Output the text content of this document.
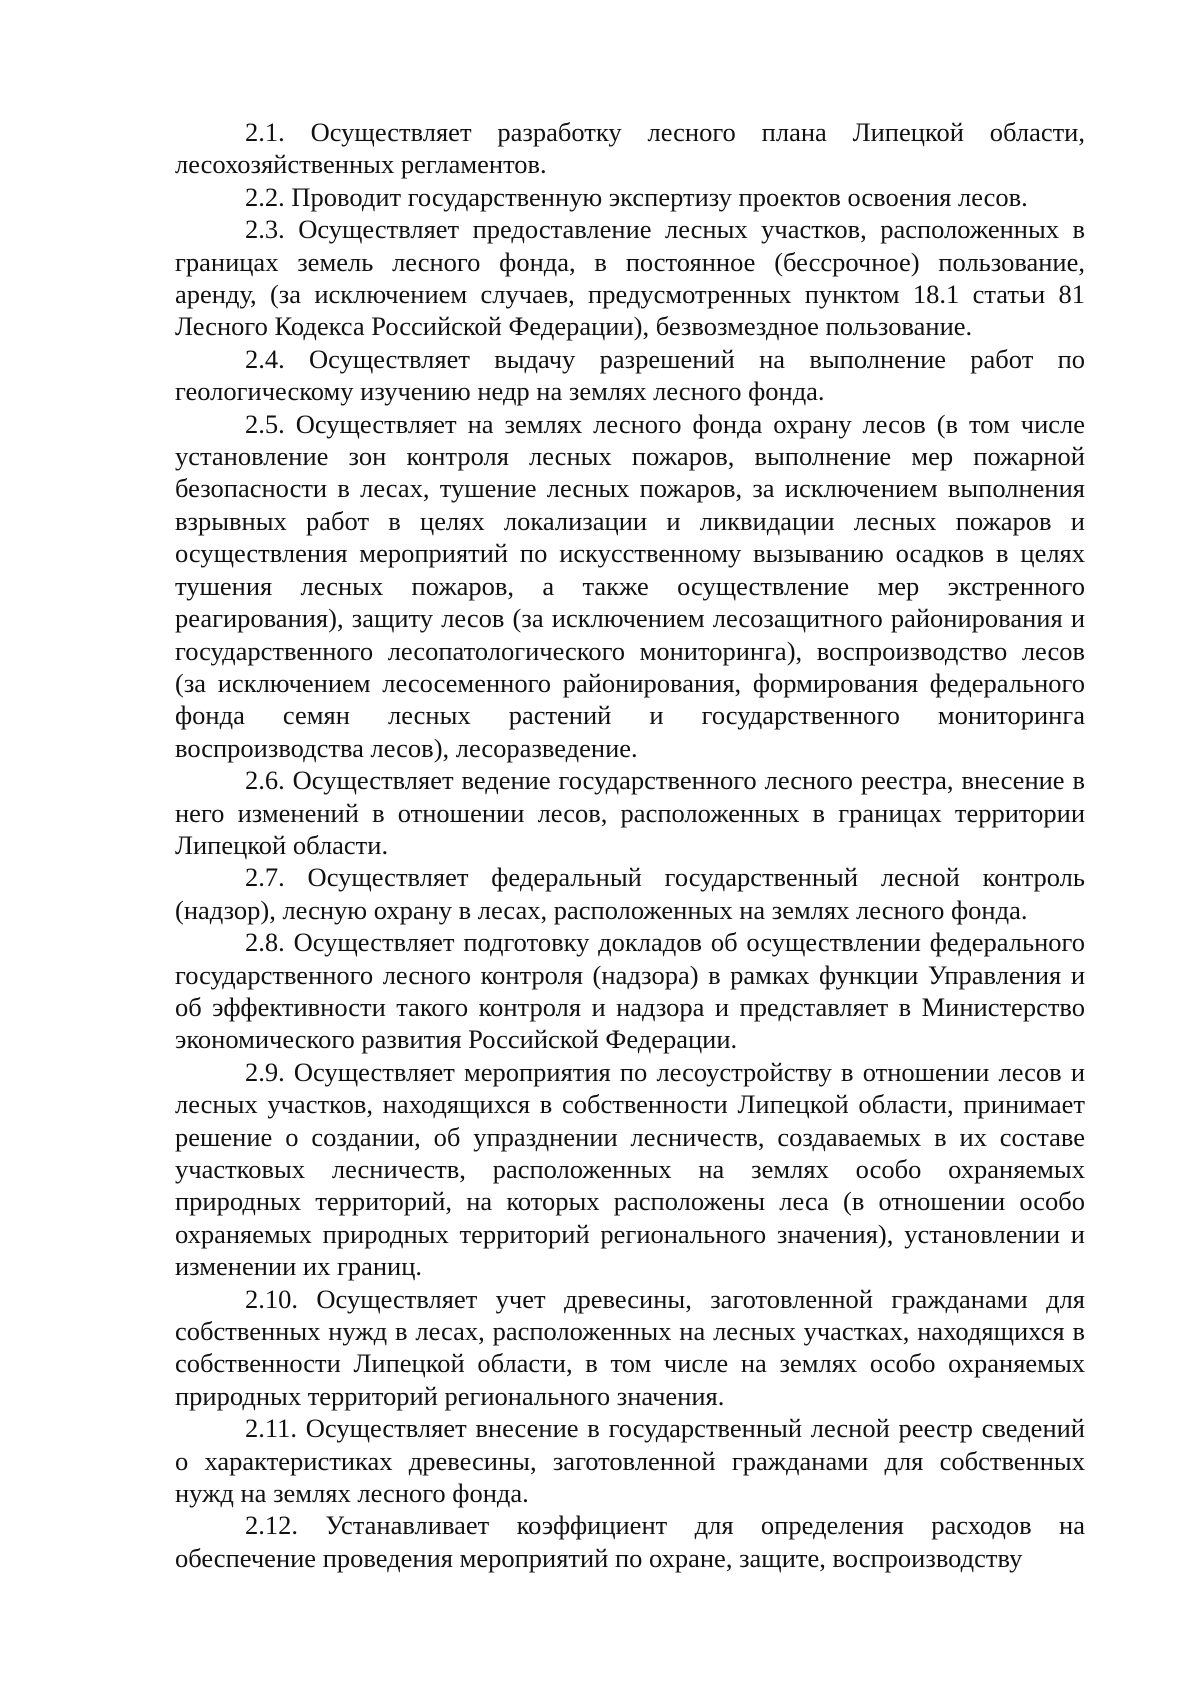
2.1. Осуществляет разработку лесного плана Липецкой области, лесохозяйственных регламентов.

2.2. Проводит государственную экспертизу проектов освоения лесов.

2.3. Осуществляет предоставление лесных участков, расположенных в границах земель лесного фонда, в постоянное (бессрочное) пользование, аренду, (за исключением случаев, предусмотренных пунктом 18.1 статьи 81 Лесного Кодекса Российской Федерации), безвозмездное пользование.

2.4. Осуществляет выдачу разрешений на выполнение работ по геологическому изучению недр на землях лесного фонда.

2.5. Осуществляет на землях лесного фонда охрану лесов (в том числе установление зон контроля лесных пожаров, выполнение мер пожарной безопасности в лесах, тушение лесных пожаров, за исключением выполнения взрывных работ в целях локализации и ликвидации лесных пожаров и осуществления мероприятий по искусственному вызыванию осадков в целях тушения лесных пожаров, а также осуществление мер экстренного реагирования), защиту лесов (за исключением лесозащитного районирования и государственного лесопатологического мониторинга), воспроизводство лесов (за исключением лесосеменного районирования, формирования федерального фонда семян лесных растений и государственного мониторинга воспроизводства лесов), лесоразведение.

2.6. Осуществляет ведение государственного лесного реестра, внесение в него изменений в отношении лесов, расположенных в границах территории Липецкой области.

2.7. Осуществляет федеральный государственный лесной контроль (надзор), лесную охрану в лесах, расположенных на землях лесного фонда.

2.8. Осуществляет подготовку докладов об осуществлении федерального государственного лесного контроля (надзора) в рамках функции Управления и об эффективности такого контроля и надзора и представляет в Министерство экономического развития Российской Федерации.

2.9. Осуществляет мероприятия по лесоустройству в отношении лесов и лесных участков, находящихся в собственности Липецкой области, принимает решение о создании, об упразднении лесничеств, создаваемых в их составе участковых лесничеств, расположенных на землях особо охраняемых природных территорий, на которых расположены леса (в отношении особо охраняемых природных территорий регионального значения), установлении и изменении их границ.

2.10. Осуществляет учет древесины, заготовленной гражданами для собственных нужд в лесах, расположенных на лесных участках, находящихся в собственности Липецкой области, в том числе на землях особо охраняемых природных территорий регионального значения.

2.11. Осуществляет внесение в государственный лесной реестр сведений о характеристиках древесины, заготовленной гражданами для собственных нужд на землях лесного фонда.

2.12. Устанавливает коэффициент для определения расходов на обеспечение проведения мероприятий по охране, защите, воспроизводству
